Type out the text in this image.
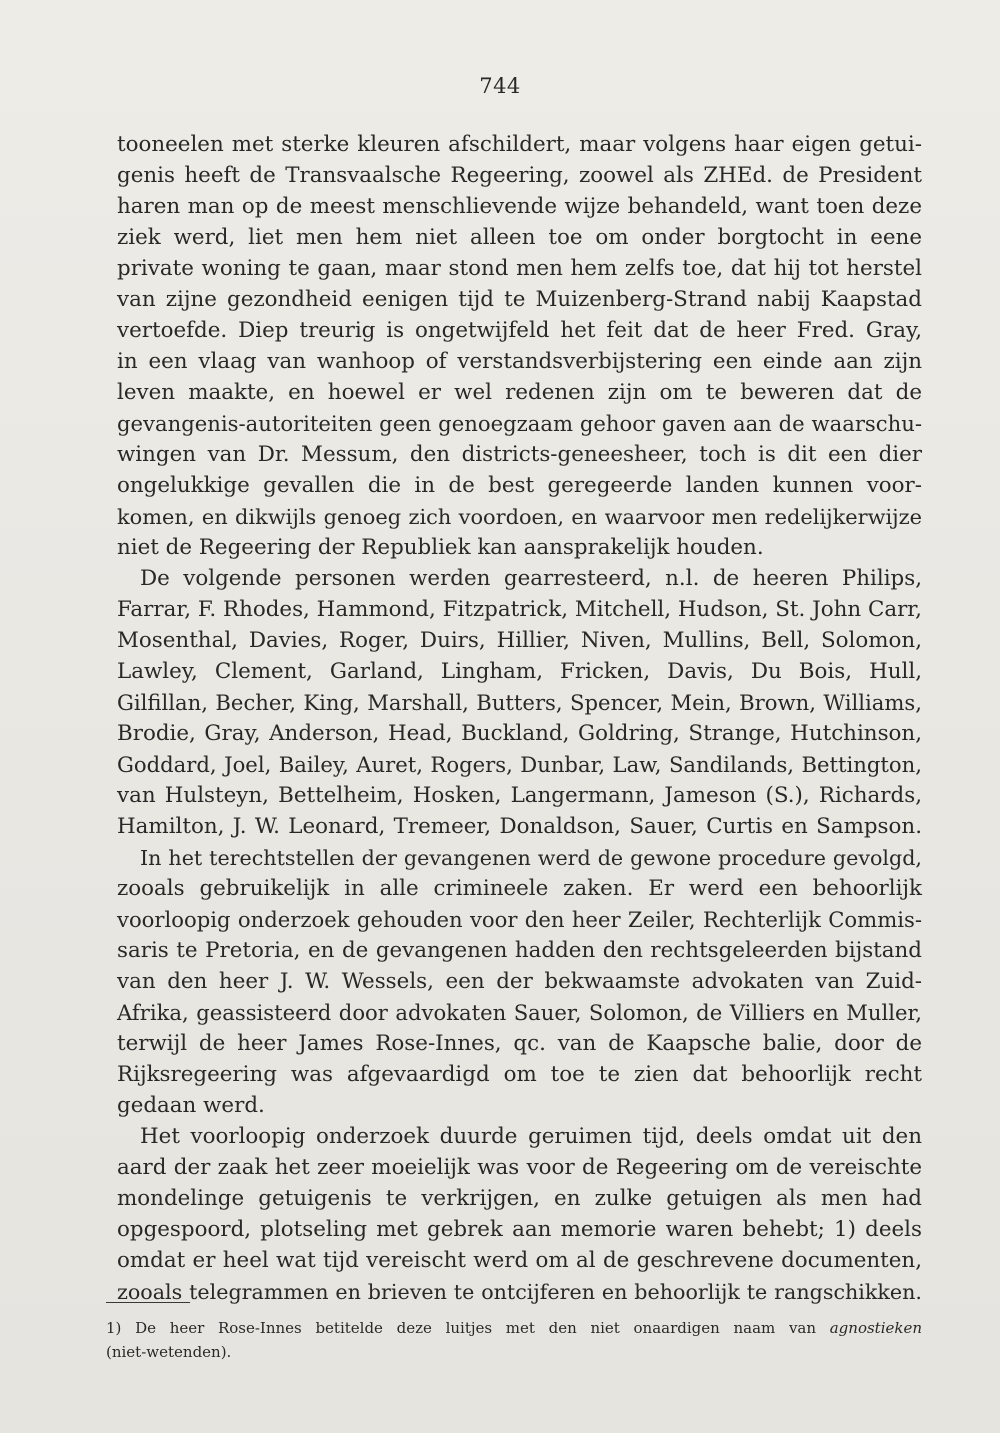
744
tooneelen met sterke kleuren afschildert, maar volgens haar eigen getui-
genis heeft de Transvaalsche Regeering, zoowel als ZHEd. de President
haren man op de meest menschlievende wijze behandeld, want toen deze
ziek werd, liet men hem niet alleen toe om onder borgtocht in eene
private woning te gaan, maar stond men hem zelfs toe, dat hij tot herstel
van zijne gezondheid eenigen tijd te Muizenberg-Strand nabij Kaapstad
vertoefde. Diep treurig is ongetwijfeld het feit dat de heer Fred. Gray,
in een vlaag van wanhoop of verstandsverbijstering een einde aan zijn
leven maakte, en hoewel er wel redenen zijn om te beweren dat de
gevangenis-autoriteiten geen genoegzaam gehoor gaven aan de waarschu-
wingen van Dr. Messum, den districts-geneesheer, toch is dit een dier
ongelukkige gevallen die in de best geregeerde landen kunnen voor-
komen, en dikwijls genoeg zich voordoen, en waarvoor men redelijkerwijze
niet de Regeering der Republiek kan aansprakelijk houden.
De volgende personen werden gearresteerd, n.l. de heeren Philips,
Farrar, F. Rhodes, Hammond, Fitzpatrick, Mitchell, Hudson, St. John Carr,
Mosenthal, Davies, Roger, Duirs, Hillier, Niven, Mullins, Bell, Solomon,
Lawley, Clement, Garland, Lingham, Fricken, Davis, Du Bois, Hull,
Gilfillan, Becher, King, Marshall, Butters, Spencer, Mein, Brown, Williams,
Brodie, Gray, Anderson, Head, Buckland, Goldring, Strange, Hutchinson,
Goddard, Joel, Bailey, Auret, Rogers, Dunbar, Law, Sandilands, Bettington,
van Hulsteyn, Bettelheim, Hosken, Langermann, Jameson (S.), Richards,
Hamilton, J. W. Leonard, Tremeer, Donaldson, Sauer, Curtis en Sampson.
In het terechtstellen der gevangenen werd de gewone procedure gevolgd,
zooals gebruikelijk in alle crimineele zaken. Er werd een behoorlijk
voorloopig onderzoek gehouden voor den heer Zeiler, Rechterlijk Commis-
saris te Pretoria, en de gevangenen hadden den rechtsgeleerden bijstand
van den heer J. W. Wessels, een der bekwaamste advokaten van Zuid-
Afrika, geassisteerd door advokaten Sauer, Solomon, de Villiers en Muller,
terwijl de heer James Rose-Innes, qc. van de Kaapsche balie, door de
Rijksregeering was afgevaardigd om toe te zien dat behoorlijk recht
gedaan werd.
Het voorloopig onderzoek duurde geruimen tijd, deels omdat uit den
aard der zaak het zeer moeielijk was voor de Regeering om de vereischte
mondelinge getuigenis te verkrijgen, en zulke getuigen als men had
opgespoord, plotseling met gebrek aan memorie waren behebt; 1) deels
omdat er heel wat tijd vereischt werd om al de geschrevene documenten,
zooals telegrammen en brieven te ontcijferen en behoorlijk te rangschikken.
1) De heer Rose-Innes betitelde deze luitjes met den niet onaardigen naam van agnostieken
(niet-wetenden).
